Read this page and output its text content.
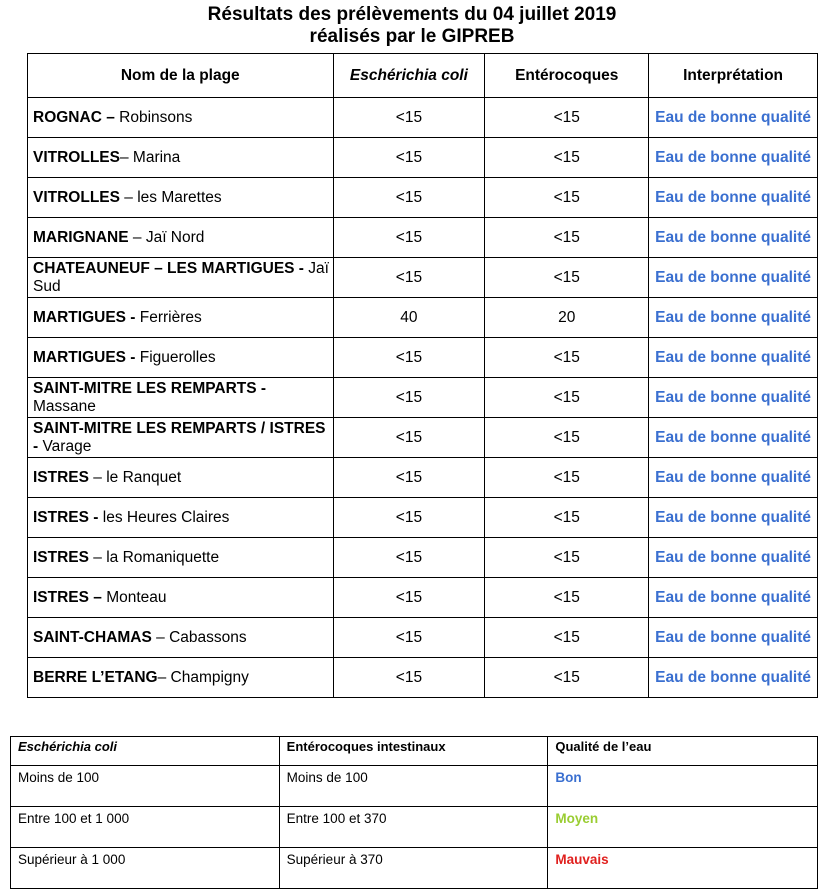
Résultats des prélèvements du 04 juillet 2019
réalisés par le GIPREB
Nom de la plage	Eschérichia coli	Entérocoques	Interprétation
ROGNAC – Robinsons	<15	<15	Eau de bonne qualité
VITROLLES– Marina	<15	<15	Eau de bonne qualité
VITROLLES – les Marettes	<15	<15	Eau de bonne qualité
MARIGNANE – Jaï Nord	<15	<15	Eau de bonne qualité
CHATEAUNEUF – LES MARTIGUES - Jaï Sud	<15	<15	Eau de bonne qualité
MARTIGUES - Ferrières	40	20	Eau de bonne qualité
MARTIGUES - Figuerolles	<15	<15	Eau de bonne qualité
SAINT-MITRE LES REMPARTS - Massane	<15	<15	Eau de bonne qualité
SAINT-MITRE LES REMPARTS / ISTRES - Varage	<15	<15	Eau de bonne qualité
ISTRES – le Ranquet	<15	<15	Eau de bonne qualité
ISTRES - les Heures Claires	<15	<15	Eau de bonne qualité
ISTRES – la Romaniquette	<15	<15	Eau de bonne qualité
ISTRES – Monteau	<15	<15	Eau de bonne qualité
SAINT-CHAMAS – Cabassons	<15	<15	Eau de bonne qualité
BERRE L’ETANG– Champigny	<15	<15	Eau de bonne qualité
Eschérichia coli	Entérocoques intestinaux	Qualité de l’eau
Moins de 100	Moins de 100	Bon
Entre 100 et 1 000	Entre 100 et 370	Moyen
Supérieur à 1 000	Supérieur à 370	Mauvais
